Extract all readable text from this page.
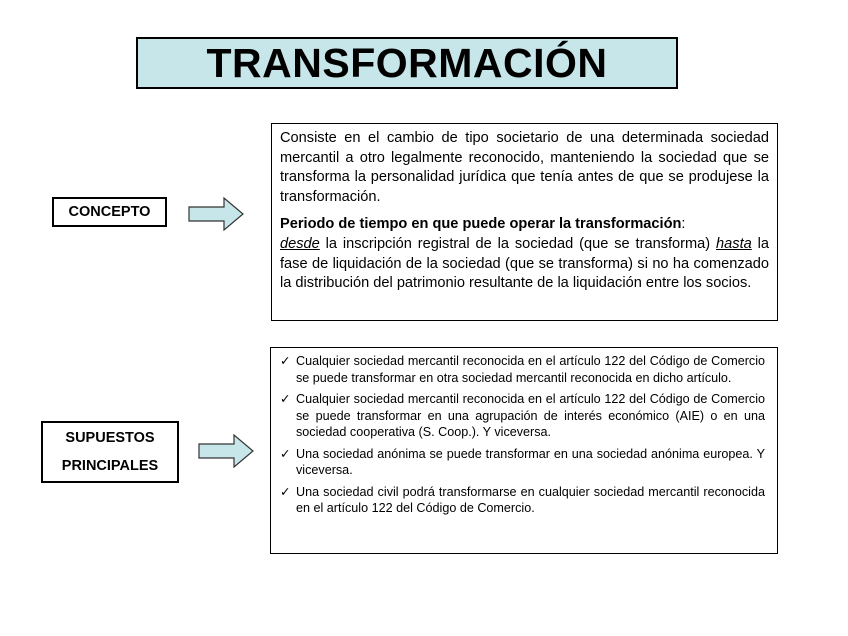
TRANSFORMACIÓN
CONCEPTO

Consiste en el cambio de tipo societario de una determinada sociedad mercantil a otro legalmente reconocido, manteniendo la sociedad que se transforma la personalidad jurídica que tenía antes de que se produjese la transformación.

Periodo de tiempo en que puede operar la transformación:
desde la inscripción registral de la sociedad (que se transforma) hasta la fase de liquidación de la sociedad (que se transforma) si no ha comenzado la distribución del patrimonio resultante de la liquidación entre los socios.

SUPUESTOS
PRINCIPALES
✓ Cualquier sociedad mercantil reconocida en el artículo 122 del Código de Comercio se puede transformar en otra sociedad mercantil reconocida en dicho artículo.
✓ Cualquier sociedad mercantil reconocida en el artículo 122 del Código de Comercio se puede transformar en una agrupación de interés económico (AIE) o en una sociedad cooperativa (S. Coop.). Y viceversa.
✓ Una sociedad anónima se puede transformar en una sociedad anónima europea. Y viceversa.
✓ Una sociedad civil podrá transformarse en cualquier sociedad mercantil reconocida en el artículo 122 del Código de Comercio.
